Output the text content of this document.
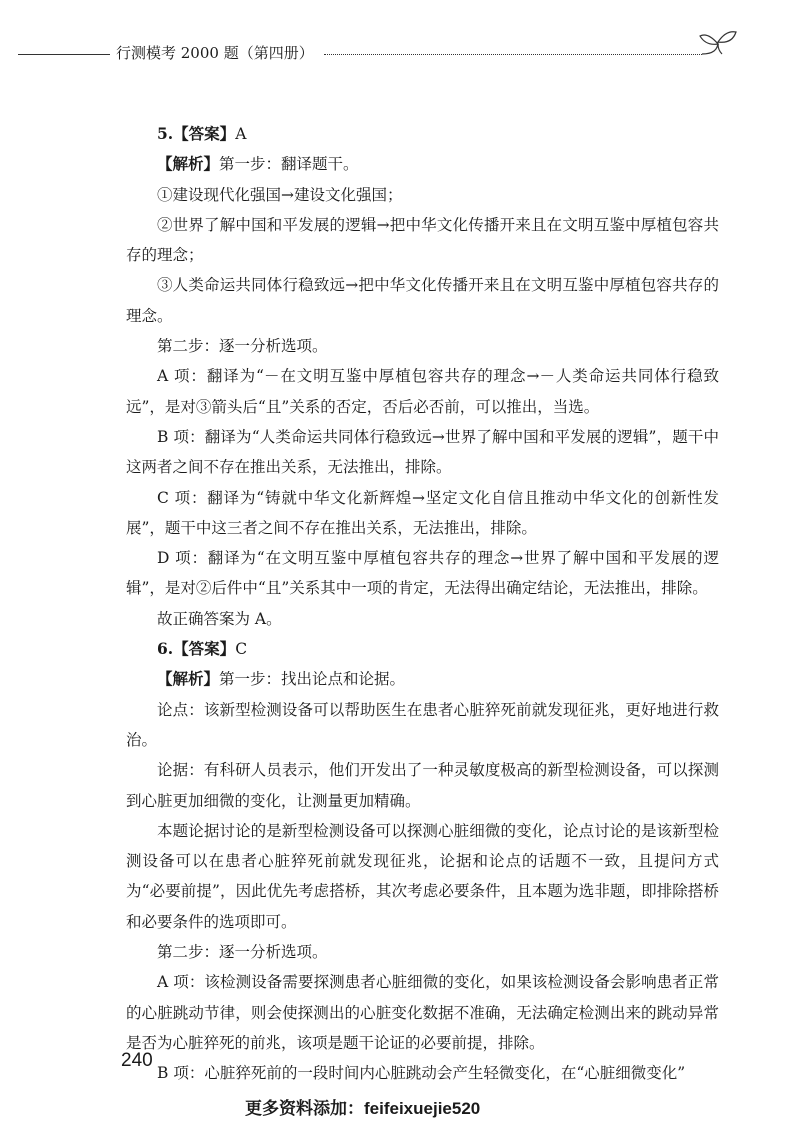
行测模考 2000 题（第四册）

5.【答案】A

【解析】第一步：翻译题干。

①建设现代化强国→建设文化强国；

②世界了解中国和平发展的逻辑→把中华文化传播开来且在文明互鉴中厚植包容共存的理念；

③人类命运共同体行稳致远→把中华文化传播开来且在文明互鉴中厚植包容共存的理念。

第二步：逐一分析选项。

A 项：翻译为“－在文明互鉴中厚植包容共存的理念→－人类命运共同体行稳致远”，是对③箭头后“且”关系的否定，否后必否前，可以推出，当选。

B 项：翻译为“人类命运共同体行稳致远→世界了解中国和平发展的逻辑”，题干中这两者之间不存在推出关系，无法推出，排除。

C 项：翻译为“铸就中华文化新辉煌→坚定文化自信且推动中华文化的创新性发展”，题干中这三者之间不存在推出关系，无法推出，排除。

D 项：翻译为“在文明互鉴中厚植包容共存的理念→世界了解中国和平发展的逻辑”，是对②后件中“且”关系其中一项的肯定，无法得出确定结论，无法推出，排除。

故正确答案为 A。

6.【答案】C

【解析】第一步：找出论点和论据。

论点：该新型检测设备可以帮助医生在患者心脏猝死前就发现征兆，更好地进行救治。

论据：有科研人员表示，他们开发出了一种灵敏度极高的新型检测设备，可以探测到心脏更加细微的变化，让测量更加精确。

本题论据讨论的是新型检测设备可以探测心脏细微的变化，论点讨论的是该新型检测设备可以在患者心脏猝死前就发现征兆，论据和论点的话题不一致，且提问方式为“必要前提”，因此优先考虑搭桥，其次考虑必要条件，且本题为选非题，即排除搭桥和必要条件的选项即可。

第二步：逐一分析选项。

A 项：该检测设备需要探测患者心脏细微的变化，如果该检测设备会影响患者正常的心脏跳动节律，则会使探测出的心脏变化数据不准确，无法确定检测出来的跳动异常是否为心脏猝死的前兆，该项是题干论证的必要前提，排除。

B 项：心脏猝死前的一段时间内心脏跳动会产生轻微变化，在“心脏细微变化”

240
更多资料添加：feifeixuejie520
